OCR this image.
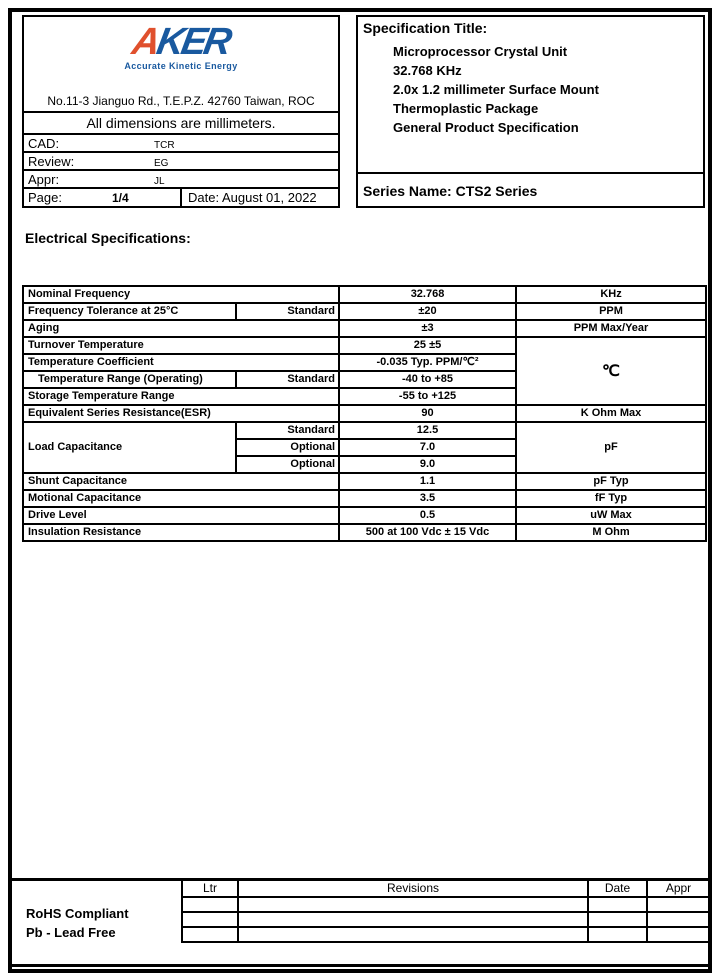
AKER
Accurate Kinetic Energy
No.11-3 Jianguo Rd., T.E.P.Z. 42760 Taiwan, ROC
All dimensions are millimeters.
CAD:	TCR
Review:	EG
Appr:	JL
Page:	1/4	Date: August 01, 2022
Specification Title:
Microprocessor Crystal Unit
32.768 KHz
2.0x 1.2 millimeter Surface Mount
Thermoplastic Package
General Product Specification
Series Name: CTS2 Series
Electrical Specifications:
Nominal Frequency		32.768	KHz
Frequency Tolerance at 25°C	Standard	±20	PPM
Aging		±3	PPM Max/Year
Turnover Temperature		25 ±5	℃
Temperature Coefficient		-0.035 Typ. PPM/℃²	
Temperature Range (Operating)	Standard	-40 to +85	
Storage Temperature Range		-55 to +125	
Equivalent Series Resistance(ESR)		90	K Ohm Max
Load Capacitance	Standard	12.5	pF
	Optional	7.0	
	Optional	9.0	
Shunt Capacitance		1.1	pF Typ
Motional Capacitance		3.5	fF Typ
Drive Level		0.5	uW Max
Insulation Resistance		500 at 100 Vdc ± 15 Vdc	M Ohm
RoHS Compliant
Pb - Lead Free
Ltr	Revisions	Date	Appr
